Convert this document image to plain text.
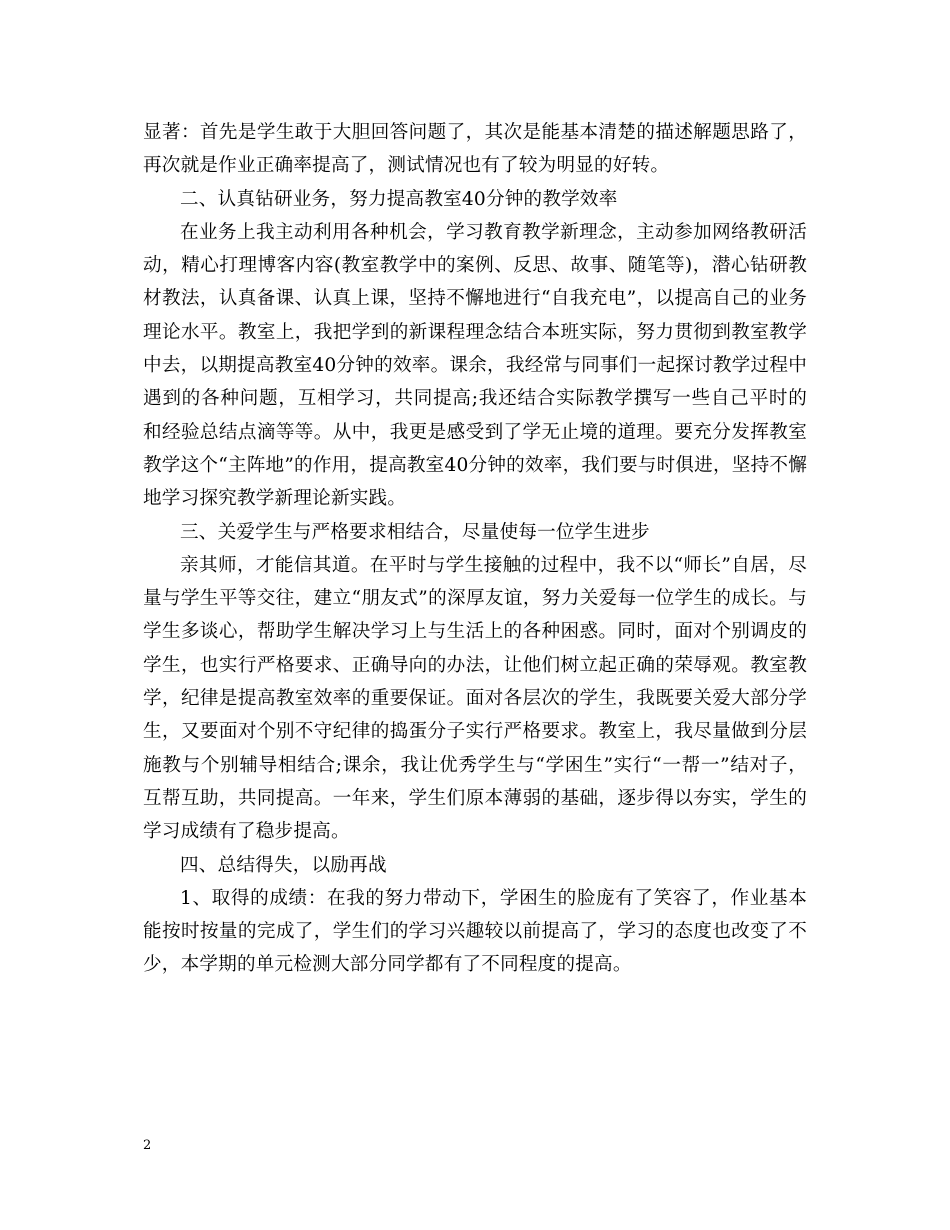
显著：首先是学生敢于大胆回答问题了，其次是能基本清楚的描述解题思路了，再次就是作业正确率提高了，测试情况也有了较为明显的好转。

二、认真钻研业务，努力提高教室40分钟的教学效率

在业务上我主动利用各种机会，学习教育教学新理念，主动参加网络教研活动，精心打理博客内容(教室教学中的案例、反思、故事、随笔等)，潜心钻研教材教法，认真备课、认真上课，坚持不懈地进行“自我充电”，以提高自己的业务理论水平。教室上，我把学到的新课程理念结合本班实际，努力贯彻到教室教学中去，以期提高教室40分钟的效率。课余，我经常与同事们一起探讨教学过程中遇到的各种问题，互相学习，共同提高;我还结合实际教学撰写一些自己平时的和经验总结点滴等等。从中，我更是感受到了学无止境的道理。要充分发挥教室教学这个“主阵地”的作用，提高教室40分钟的效率，我们要与时俱进，坚持不懈地学习探究教学新理论新实践。

三、关爱学生与严格要求相结合，尽量使每一位学生进步

亲其师，才能信其道。在平时与学生接触的过程中，我不以“师长”自居，尽量与学生平等交往，建立“朋友式”的深厚友谊，努力关爱每一位学生的成长。与学生多谈心，帮助学生解决学习上与生活上的各种困惑。同时，面对个别调皮的学生，也实行严格要求、正确导向的办法，让他们树立起正确的荣辱观。教室教学，纪律是提高教室效率的重要保证。面对各层次的学生，我既要关爱大部分学生，又要面对个别不守纪律的捣蛋分子实行严格要求。教室上，我尽量做到分层施教与个别辅导相结合;课余，我让优秀学生与“学困生”实行“一帮一”结对子，互帮互助，共同提高。一年来，学生们原本薄弱的基础，逐步得以夯实，学生的学习成绩有了稳步提高。

四、总结得失，以励再战

1、取得的成绩：在我的努力带动下，学困生的脸庞有了笑容了，作业基本能按时按量的完成了，学生们的学习兴趣较以前提高了，学习的态度也改变了不少，本学期的单元检测大部分同学都有了不同程度的提高。

2
